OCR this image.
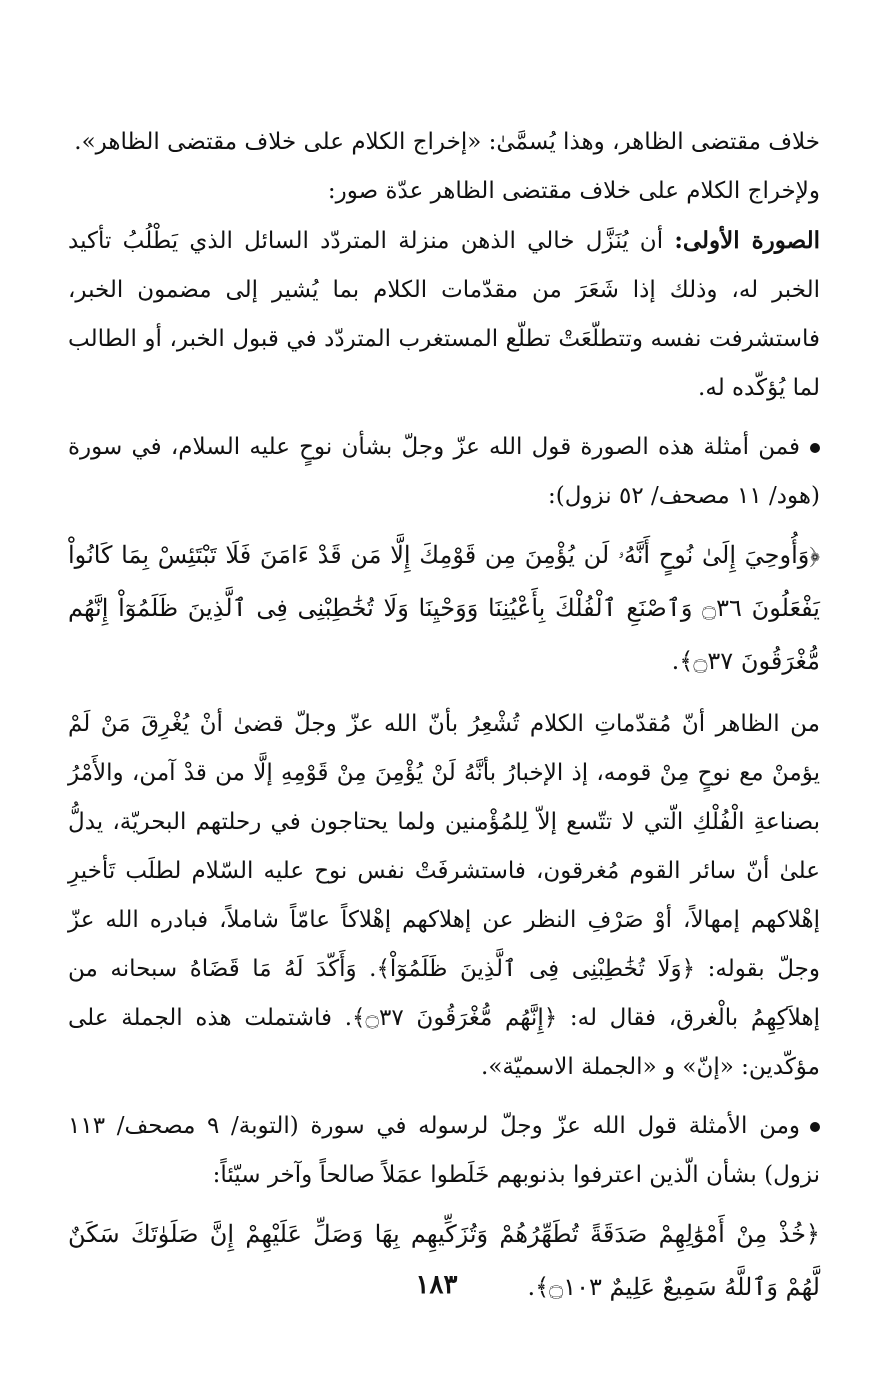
خلاف مقتضى الظاهر، وهذا يُسمَّىٰ: «إخراج الكلام على خلاف مقتضى الظاهر».

ولإخراج الكلام على خلاف مقتضى الظاهر عدّة صور:

الصورة الأولى: أن يُنَزَّل خالي الذهن منزلة المتردّد السائل الذي يَطْلُبُ تأكيد الخبر له، وذلك إذا شَعَرَ من مقدّمات الكلام بما يُشير إلى مضمون الخبر، فاستشرفت نفسه وتتطلّعَتْ تطلّع المستغرب المتردّد في قبول الخبر، أو الطالب لما يُؤكّده له.

فمن أمثلة هذه الصورة قول الله عزّ وجلّ بشأن نوحٍ عليه السلام، في سورة (هود/ ١١ مصحف/ ٥٢ نزول):

﴿وَأُوحِيَ إِلَىٰ نُوحٍ أَنَّهُۥ لَن يُؤْمِنَ مِن قَوْمِكَ إِلَّا مَن قَدْ ءَامَنَ فَلَا تَبْتَئِسْ بِمَا كَانُواْ يَفْعَلُونَ ۝٣٦ وَٱصْنَعِ ٱلْفُلْكَ بِأَعْيُنِنَا وَوَحْيِنَا وَلَا تُخَٰطِبْنِى فِى ٱلَّذِينَ ظَلَمُوٓاْ إِنَّهُم مُّغْرَقُونَ ۝٣٧﴾.

من الظاهر أنّ مُقدّماتِ الكلام تُشْعِرُ بأنّ الله عزّ وجلّ قضىٰ أنْ يُغْرِقَ مَنْ لَمْ يؤمنْ مع نوحٍ مِنْ قومه، إذ الإخبارُ بأنَّهُ لَنْ يُؤْمِنَ مِنْ قَوْمِهِ إلَّا من قدْ آمن، والأَمْرُ بصناعةِ الْفُلْكِ الّتي لا تتّسع إلاّ لِلمُؤْمنين ولما يحتاجون في رحلتهم البحريّة، يدلُّ علىٰ أنّ سائر القوم مُغرقون، فاستشرفَتْ نفس نوح عليه السّلام لطلَب تَأخيرِ إهْلاكهم إمهالاً، أوْ صَرْفِ النظر عن إهلاكهم إهْلاكاً عامّاً شاملاً، فبادره الله عزّ وجلّ بقوله: ﴿وَلَا تُخَٰطِبْنِى فِى ٱلَّذِينَ ظَلَمُوٓاْ﴾. وَأَكّدَ لَهُ مَا قَضَاهُ سبحانه من إهلاَكِهِمُ بالْغرق، فقال له: ﴿إِنَّهُم مُّغْرَقُونَ ۝٣٧﴾. فاشتملت هذه الجملة على مؤكّدين: «إنّ» و «الجملة الاسميّة».

ومن الأمثلة قول الله عزّ وجلّ لرسوله في سورة (التوبة/ ٩ مصحف/ ١١٣ نزول) بشأن الّذين اعترفوا بذنوبهم خَلَطوا عمَلاً صالحاً وآخر سيّئاً:

﴿خُذْ مِنْ أَمْوَٰلِهِمْ صَدَقَةً تُطَهِّرُهُمْ وَتُزَكِّيهِم بِهَا وَصَلِّ عَلَيْهِمْ إِنَّ صَلَوٰتَكَ سَكَنٌ لَّهُمْ وَٱللَّهُ سَمِيعٌ عَلِيمٌ ۝١٠٣﴾.

١٨٣
